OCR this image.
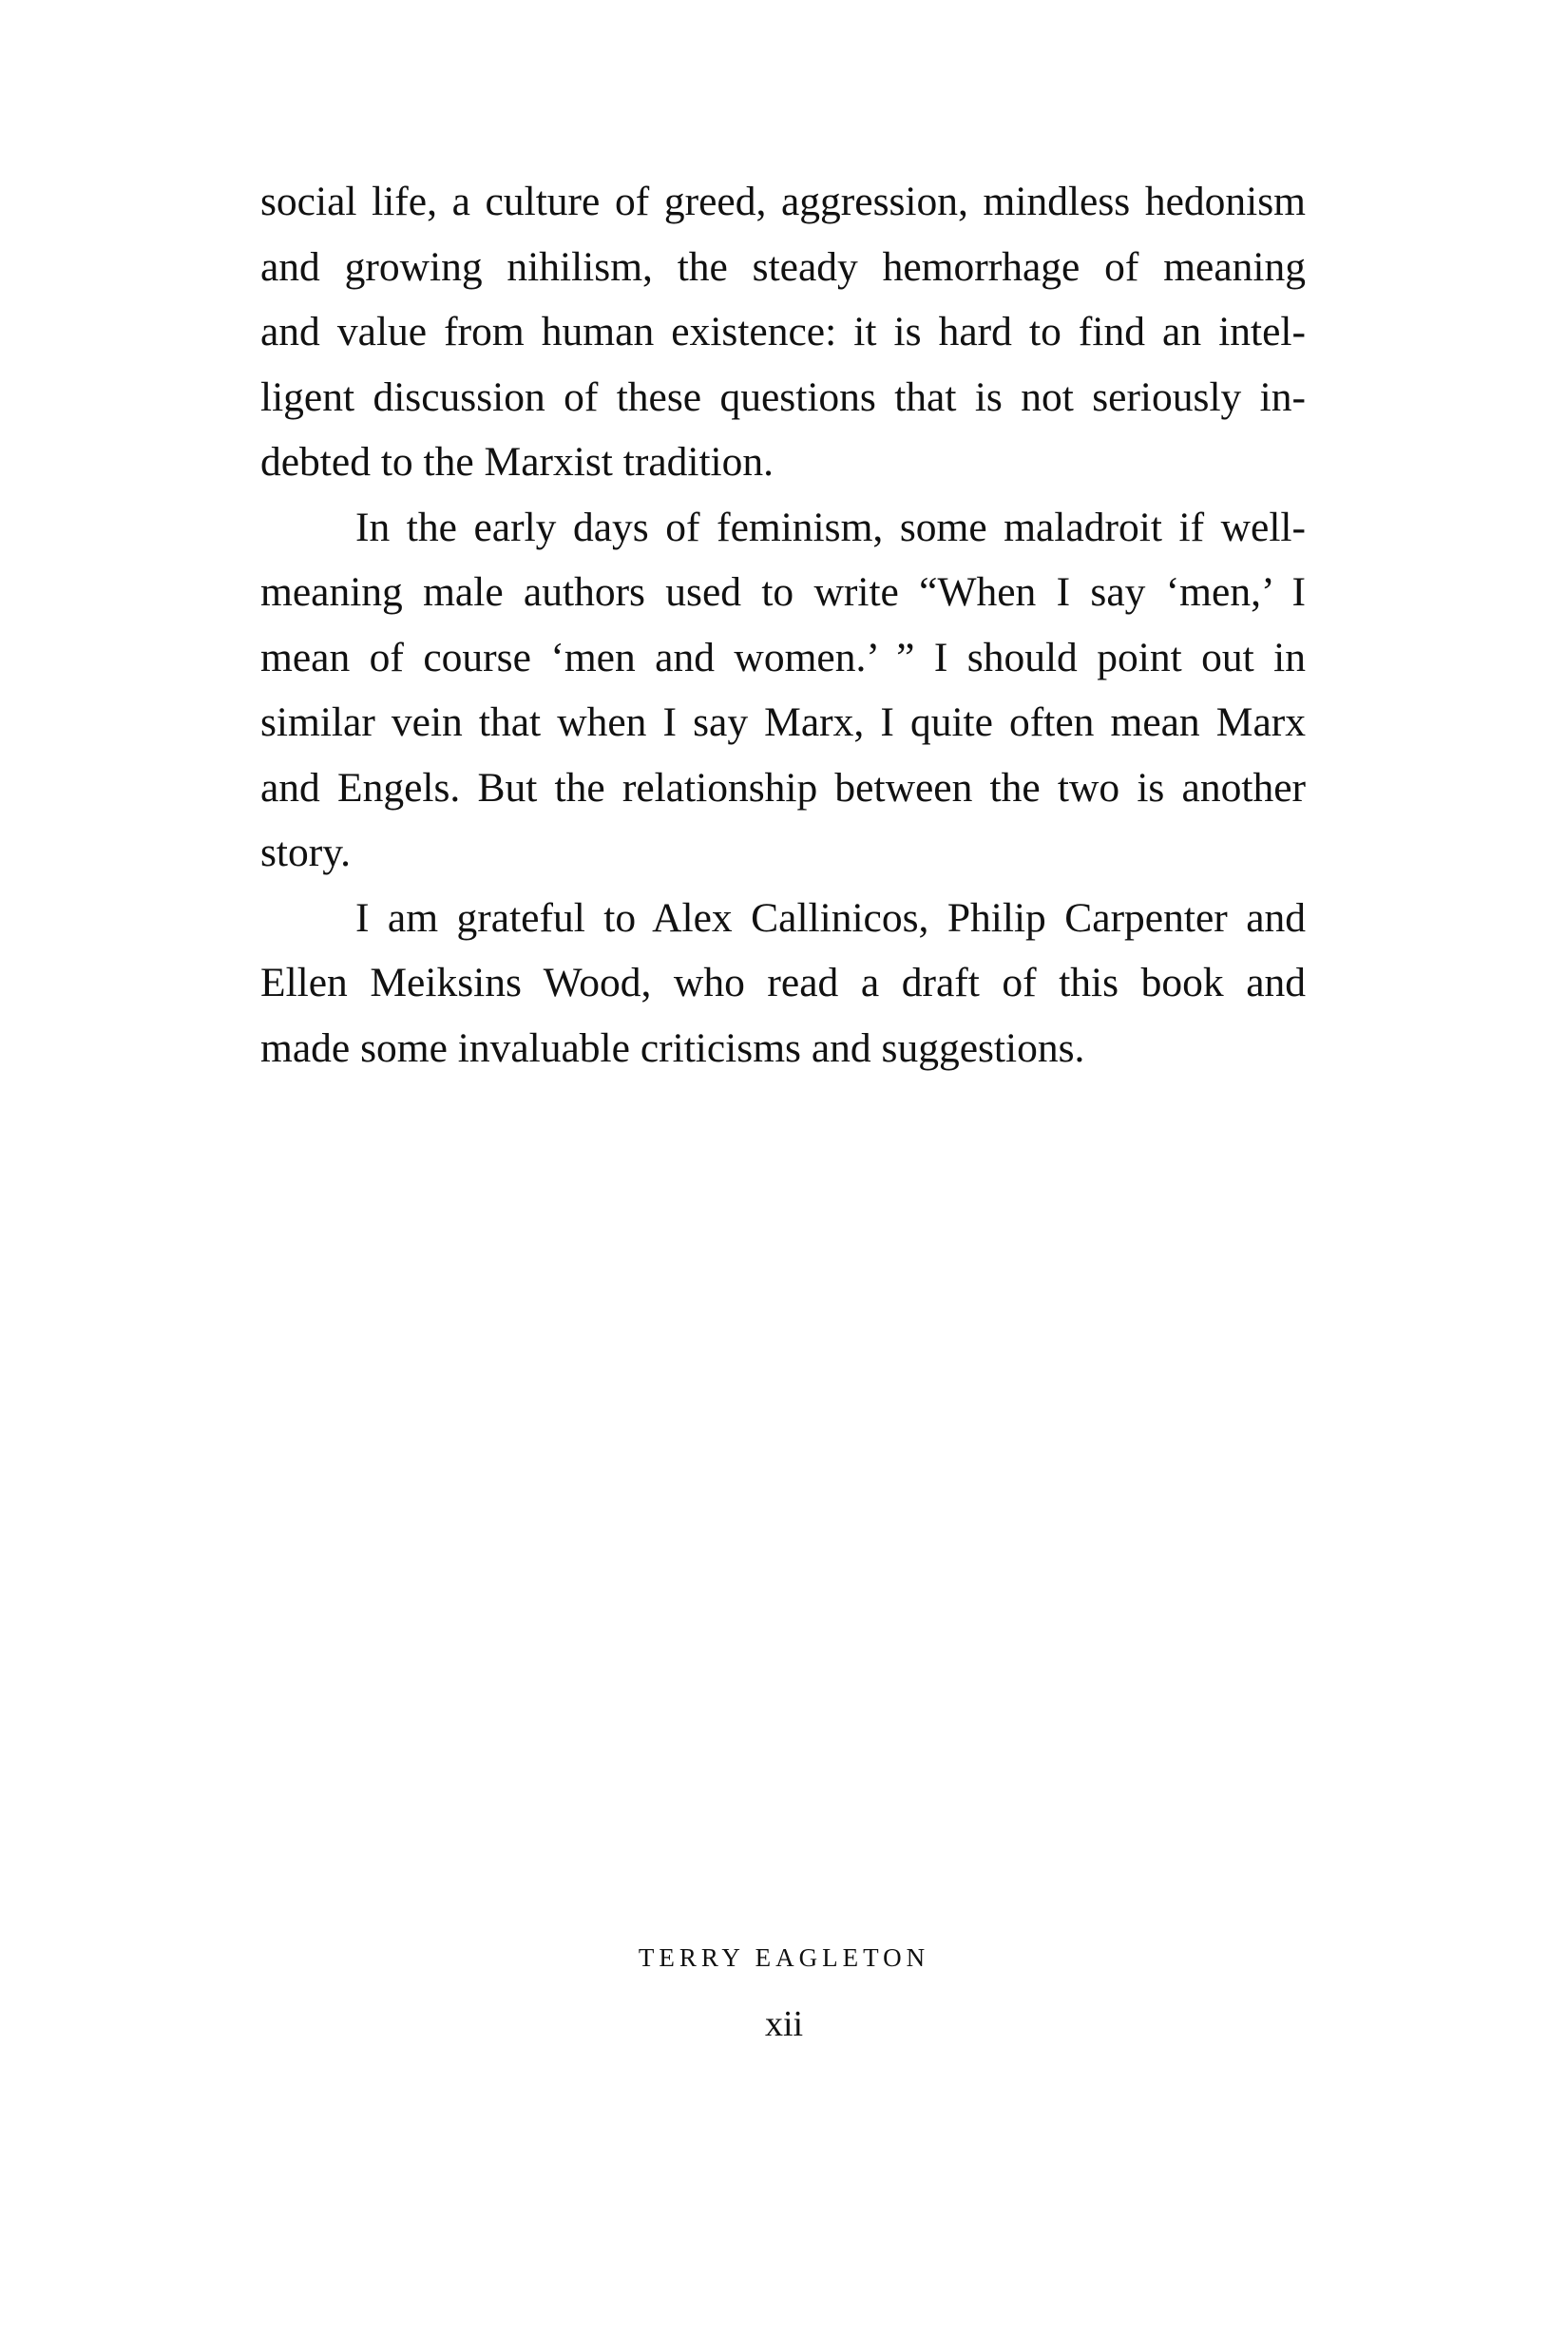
social life, a culture of greed, aggression, mindless hedonism
and growing nihilism, the steady hemorrhage of meaning
and value from human existence: it is hard to find an intel-
ligent discussion of these questions that is not seriously in-
debted to the Marxist tradition.
In the early days of feminism, some maladroit if well-
meaning male authors used to write “When I say ‘men,’ I
mean of course ‘men and women.’ ” I should point out in
similar vein that when I say Marx, I quite often mean Marx
and Engels. But the relationship between the two is another
story.
I am grateful to Alex Callinicos, Philip Carpenter and
Ellen Meiksins Wood, who read a draft of this book and
made some invaluable criticisms and suggestions.
TERRY EAGLETON
xii
